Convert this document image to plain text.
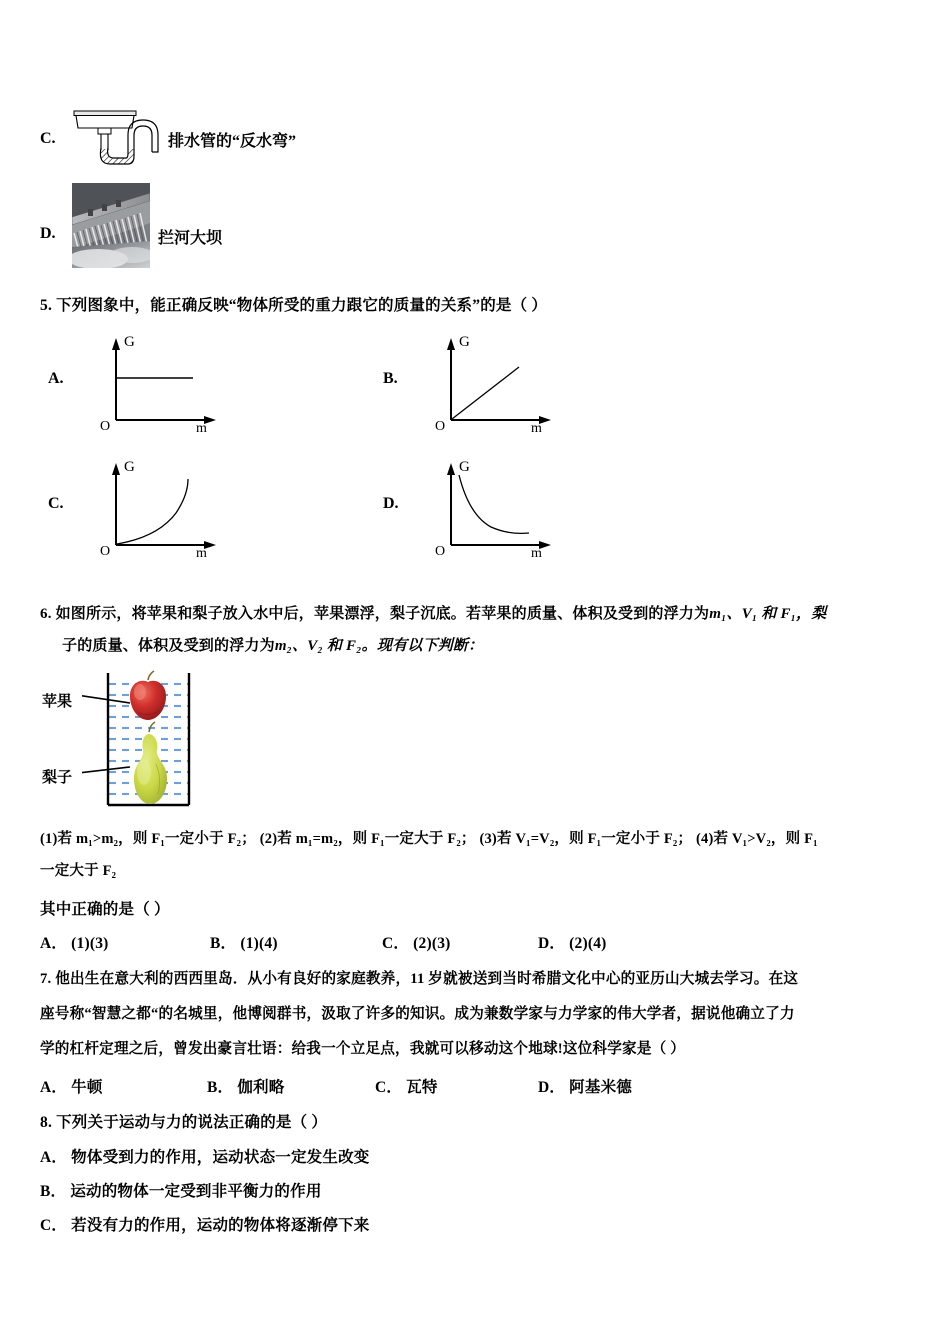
C.	排水管的“反水弯”
D.	拦河大坝
5. 下列图象中，能正确反映“物体所受的重力跟它的质量的关系”的是（ ）
A.
G
O	m
B.
G
O	m
C.
G
O	m
D.
G
O	m
6. 如图所示，将苹果和梨子放入水中后，苹果漂浮，梨子沉底。若苹果的质量、体积及受到的浮力为m₁、V₁ 和 F₁，梨
子的质量、体积及受到的浮力为m₂、V₂ 和 F₂。现有以下判断：
苹果
梨子
(1)若 m₁>m₂，则 F₁一定小于 F₂； (2)若 m₁=m₂，则 F₁一定大于 F₂； (3)若 V₁=V₂，则 F₁一定小于 F₂； (4)若 V₁>V₂，则 F₁
一定大于 F₂
其中正确的是（ ）
A． (1)(3)	B． (1)(4)	C． (2)(3)	D． (2)(4)
7. 他出生在意大利的西西里岛．从小有良好的家庭教养，11 岁就被送到当时希腊文化中心的亚历山大城去学习。在这
座号称“智慧之都“的名城里，他博阅群书，汲取了许多的知识。成为兼数学家与力学家的伟大学者，据说他确立了力
学的杠杆定理之后，曾发出豪言壮语：给我一个立足点，我就可以移动这个地球!这位科学家是（ ）
A． 牛顿	B． 伽利略	C． 瓦特	D． 阿基米德
8. 下列关于运动与力的说法正确的是（ ）
A． 物体受到力的作用，运动状态一定发生改变
B． 运动的物体一定受到非平衡力的作用
C． 若没有力的作用，运动的物体将逐渐停下来
